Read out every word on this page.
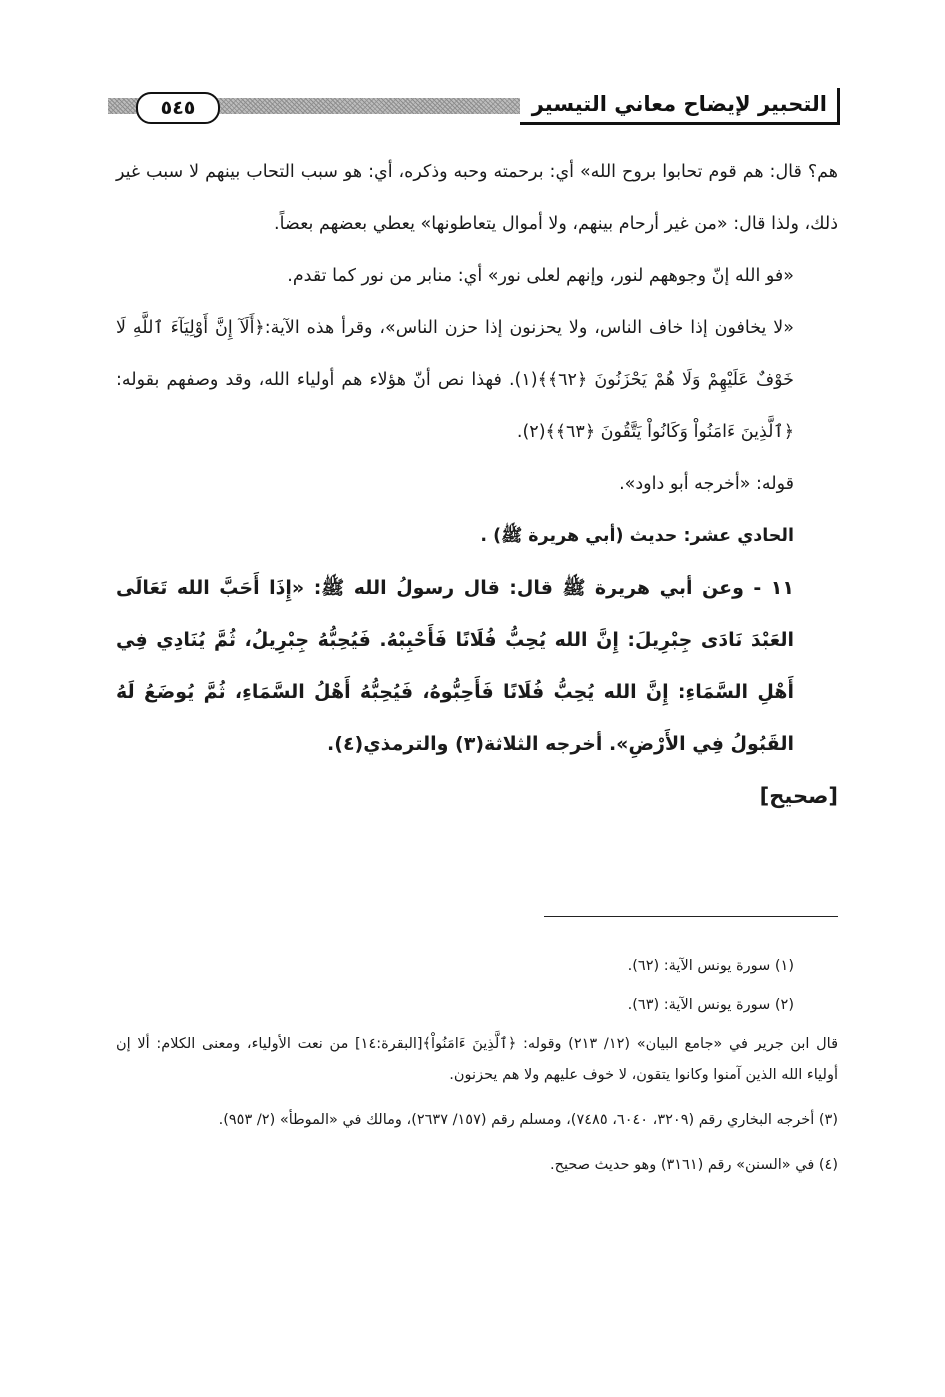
التحبير لإيضاح معاني التيسير
٥٤٥

هم؟ قال: هم قوم تحابوا بروح الله» أي: برحمته وحبه وذكره، أي: هو سبب التحاب بينهم لا سبب غير ذلك، ولذا قال: «من غير أرحام بينهم، ولا أموال يتعاطونها» يعطي بعضهم بعضاً.

«فو الله إنّ وجوههم لنور، وإنهم لعلى نور» أي: منابر من نور كما تقدم.

«لا يخافون إذا خاف الناس، ولا يحزنون إذا حزن الناس»، وقرأ هذه الآية:﴿أَلَآ إِنَّ أَوْلِيَآءَ ٱللَّهِ لَا خَوْفٌ عَلَيْهِمْ وَلَا هُمْ يَحْزَنُونَ ﴿٦٢﴾﴾(١). فهذا نص أنّ هؤلاء هم أولياء الله، وقد وصفهم بقوله: ﴿ٱلَّذِينَ ءَامَنُواْ وَكَانُواْ يَتَّقُونَ ﴿٦٣﴾﴾(٢).

قوله: «أخرجه أبو داود».

الحادي عشر: حديث (أبي هريرة ﷺ) .

١١ - وعن أبي هريرة ﷺ قال: قال رسولُ الله ﷺ: «إِذَا أَحَبَّ الله تَعَالَى العَبْدَ نَادَى جِبْرِيلَ: إِنَّ الله يُحِبُّ فُلَانًا فَأَحْبِبْهُ. فَيُحِبُّهُ جِبْرِيلُ، ثُمَّ يُنَادِي فِي أَهْلِ السَّمَاءِ: إِنَّ الله يُحِبُّ فُلَانًا فَأَحِبُّوهُ، فَيُحِبُّهُ أَهْلُ السَّمَاءِ، ثُمَّ يُوضَعُ لَهُ القَبُولُ فِي الأَرْضِ». أخرجه الثلاثة(٣) والترمذي(٤).

[صحيح]

(١) سورة يونس الآية: (٦٢).

(٢) سورة يونس الآية: (٦٣).

قال ابن جرير في «جامع البيان» (١٢/ ٢١٣) وقوله: ﴿ٱلَّذِينَ ءَامَنُواْ﴾[البقرة:١٤] من نعت الأولياء، ومعنى الكلام: ألا إن أولياء الله الذين آمنوا وكانوا يتقون، لا خوف عليهم ولا هم يحزنون.

(٣) أخرجه البخاري رقم (٣٢٠٩، ٦٠٤٠، ٧٤٨٥)، ومسلم رقم (١٥٧/ ٢٦٣٧)، ومالك في «الموطأ» (٢/ ٩٥٣).

(٤) في «السنن» رقم (٣١٦١) وهو حديث صحيح.
